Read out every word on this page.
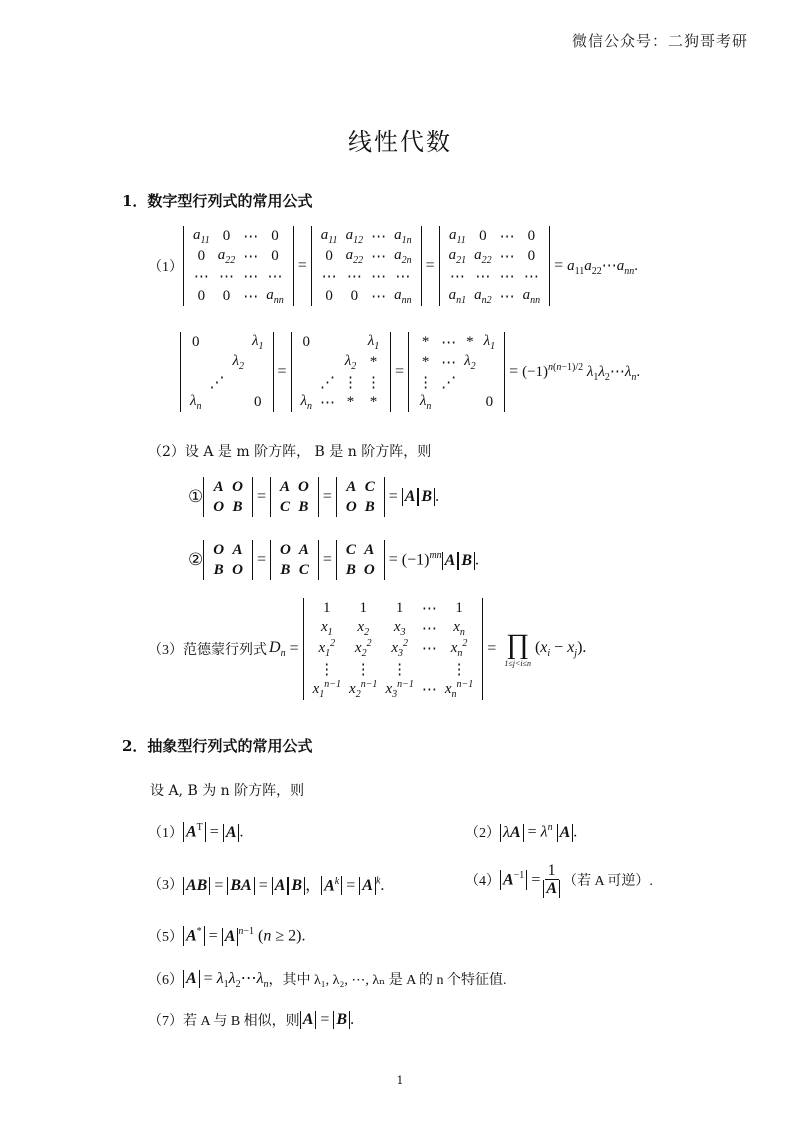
微信公众号：二狗哥考研
线性代数
1．数字型行列式的常用公式
（1）
$a_{11}$	0	⋯	0
0	$a_{22}$	⋯	0
⋯	⋯	⋯	⋯
0	0	⋯	$a_{nn}$
=
$a_{11}$	$a_{12}$	⋯	$a_{1n}$
0	$a_{22}$	⋯	$a_{2n}$
⋯	⋯	⋯	⋯
0	0	⋯	$a_{nn}$
=
$a_{11}$	0	⋯	0
$a_{21}$	$a_{22}$	⋯	0
⋯	⋯	⋯	⋯
$a_{n1}$	$a_{n2}$	⋯	$a_{nn}$
= $a_{11}a_{22}\cdots a_{nn}$.
0			$\lambda_1$
		$\lambda_2$	
	⋰		
$\lambda_n$			0
=
0			$\lambda_1$
		$\lambda_2$	*
	⋰	⋮	⋮
$\lambda_n$	⋯	*	*
=
*	⋯	*	$\lambda_1$
*	⋯	$\lambda_2$	
⋮	⋰		
$\lambda_n$			0
= $(-1)^{n(n-1)/2}$ $\lambda_1\lambda_2\cdots\lambda_n$.
（2）设 A 是 m 阶方阵， B 是 n 阶方阵，则
①
A	O
O	B
=
A	O
C	B
=
A	C
O	B
= A B .
②
O	A
B	O
=
O	A
B	C
=
C	A
B	O
= $(-1)^{mn}$ A B .
（3） 范德蒙行列式 $D_n$ =
1	1	1	⋯	1
$x_1$	$x_2$	$x_3$	⋯	$x_n$
$x_1^2$	$x_2^2$	$x_3^2$	⋯	$x_n^2$
⋮	⋮	⋮		⋮
$x_1^{n-1}$	$x_2^{n-1}$	$x_3^{n-1}$	⋯	$x_n^{n-1}$
= ∏
1≤j<i≤n
$(x_i - x_j)$.
2．抽象型行列式的常用公式
设 A, B 为 n 阶方阵，则
（1） $A^T = A$ .	（2） $\lambda A = \lambda^n$ A .
（3） AB = BA = A B ， $A^k = A$ $^k$.	（4） $A^{-1} = \frac{1}{A}$ （若 A 可逆）.
（5） A* = A $^{n-1}$ (n ≥ 2).
（6） $A = \lambda_1\lambda_2\cdots\lambda_n$ ，其中 λ₁, λ₂, ⋯, λₙ 是 A 的 n 个特征值.
（7） 若 A 与 B 相似，则 A = B .
1
